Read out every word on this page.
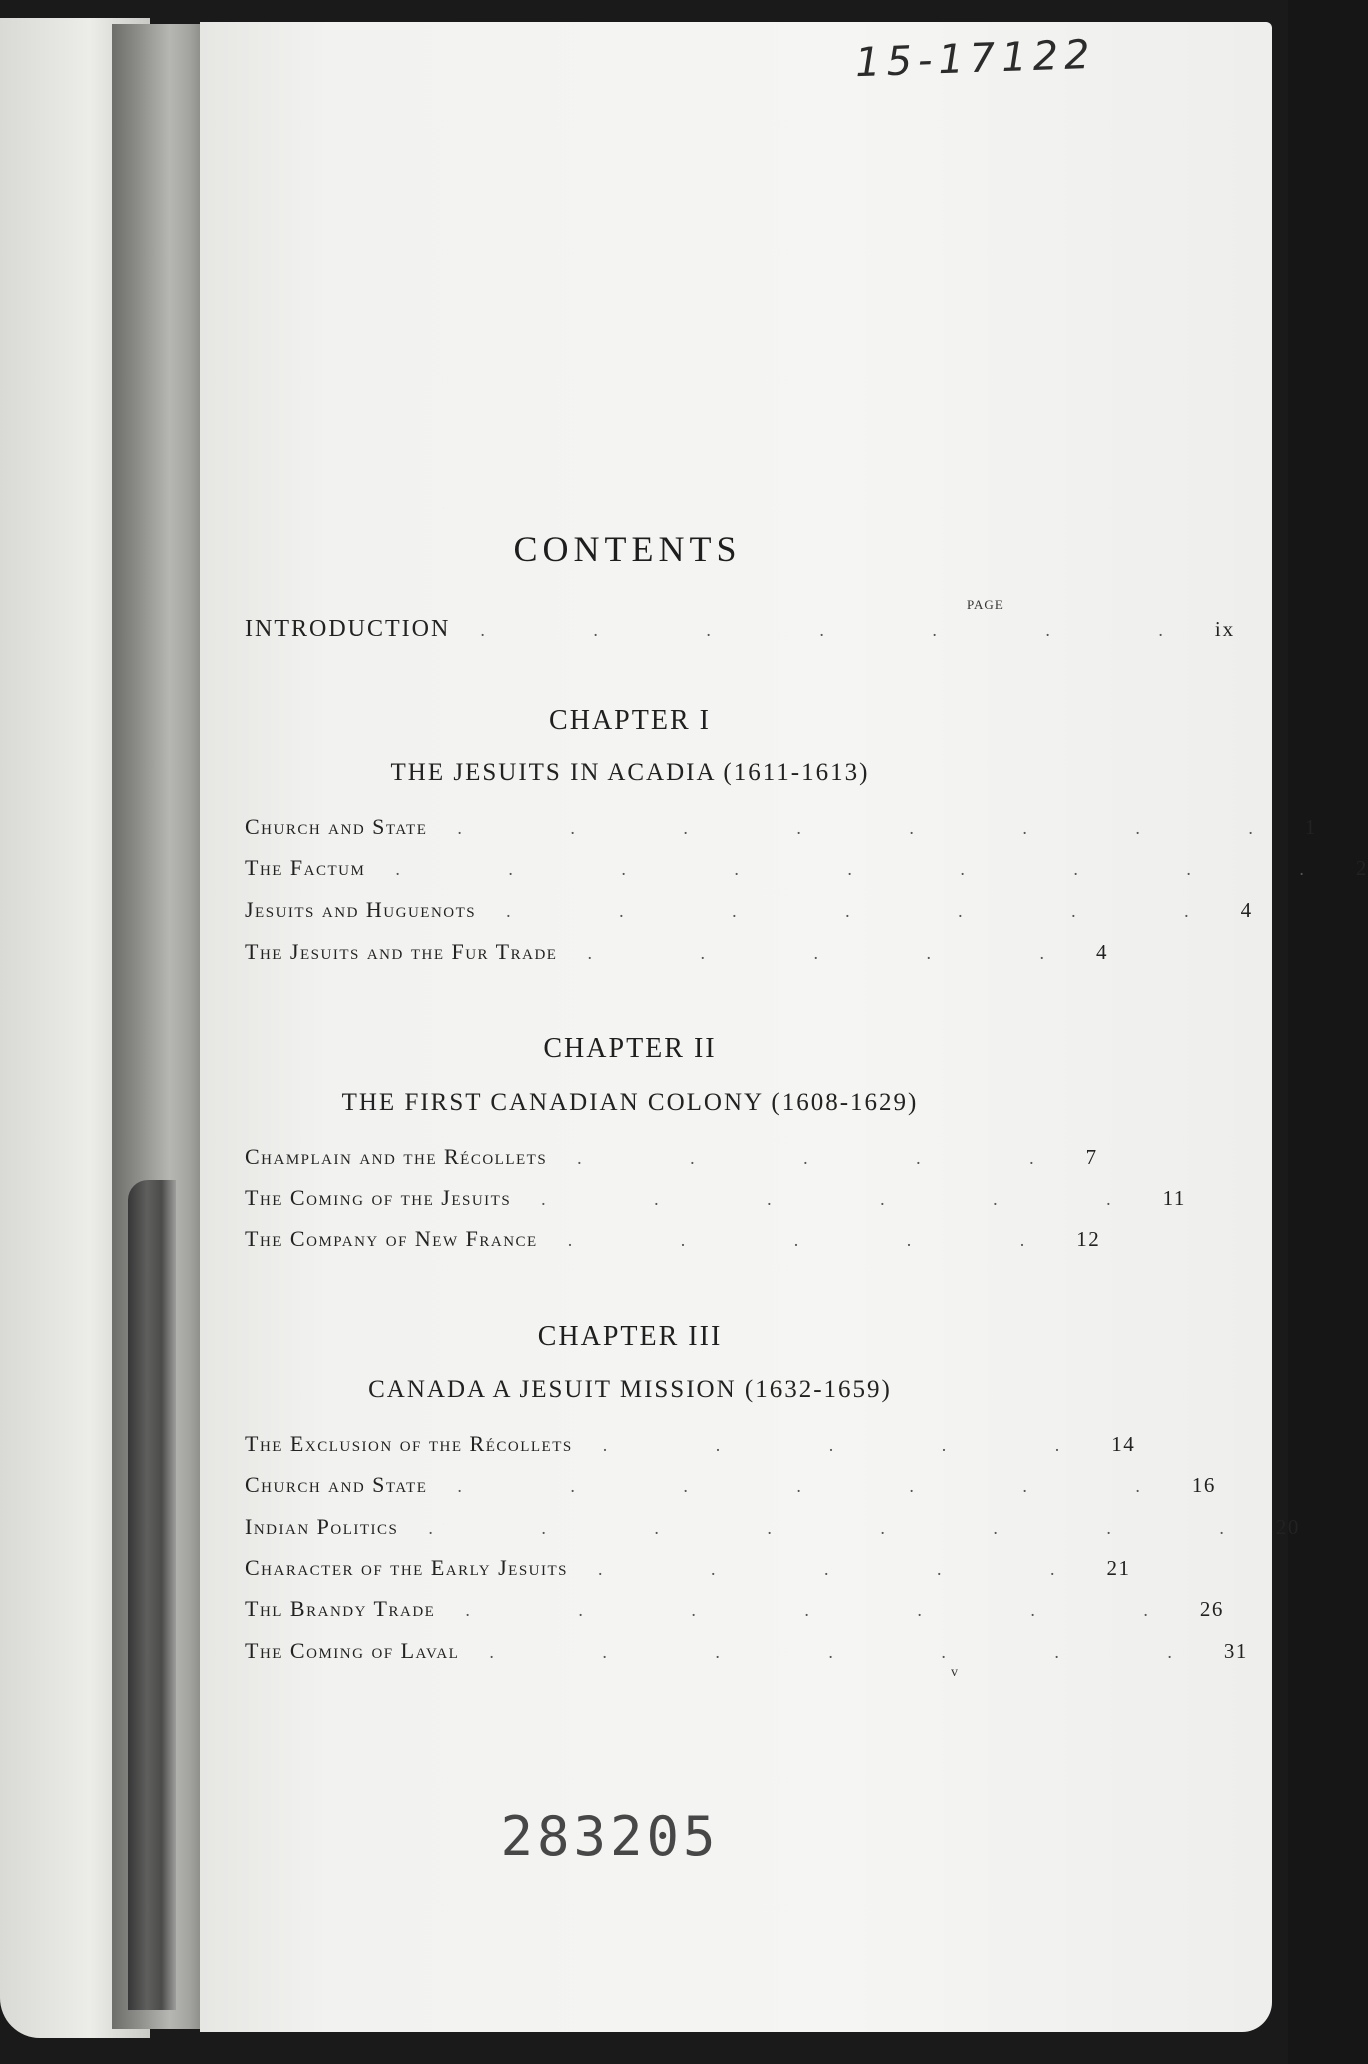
15-17122
CONTENTS
PAGE
INTRODUCTION	. . . . . . . ix
CHAPTER I
THE JESUITS IN ACADIA (1611-1613)
Church and State	. . . . . . . . 1
The Factum	. . . . . . . . . 2
Jesuits and Huguenots	. . . . . . . 4
The Jesuits and the Fur Trade	. . . . . 4
CHAPTER II
THE FIRST CANADIAN COLONY (1608-1629)
Champlain and the Récollets	. . . . . 7
The Coming of the Jesuits	. . . . . . 11
The Company of New France	. . . . . 12
CHAPTER III
CANADA A JESUIT MISSION (1632-1659)
The Exclusion of the Récollets	. . . . . 14
Church and State	. . . . . . . 16
Indian Politics	. . . . . . . . 20
Character of the Early Jesuits	. . . . . 21
Thl Brandy Trade	. . . . . . . 26
The Coming of Laval	. . . . . . . 31
v
283205
